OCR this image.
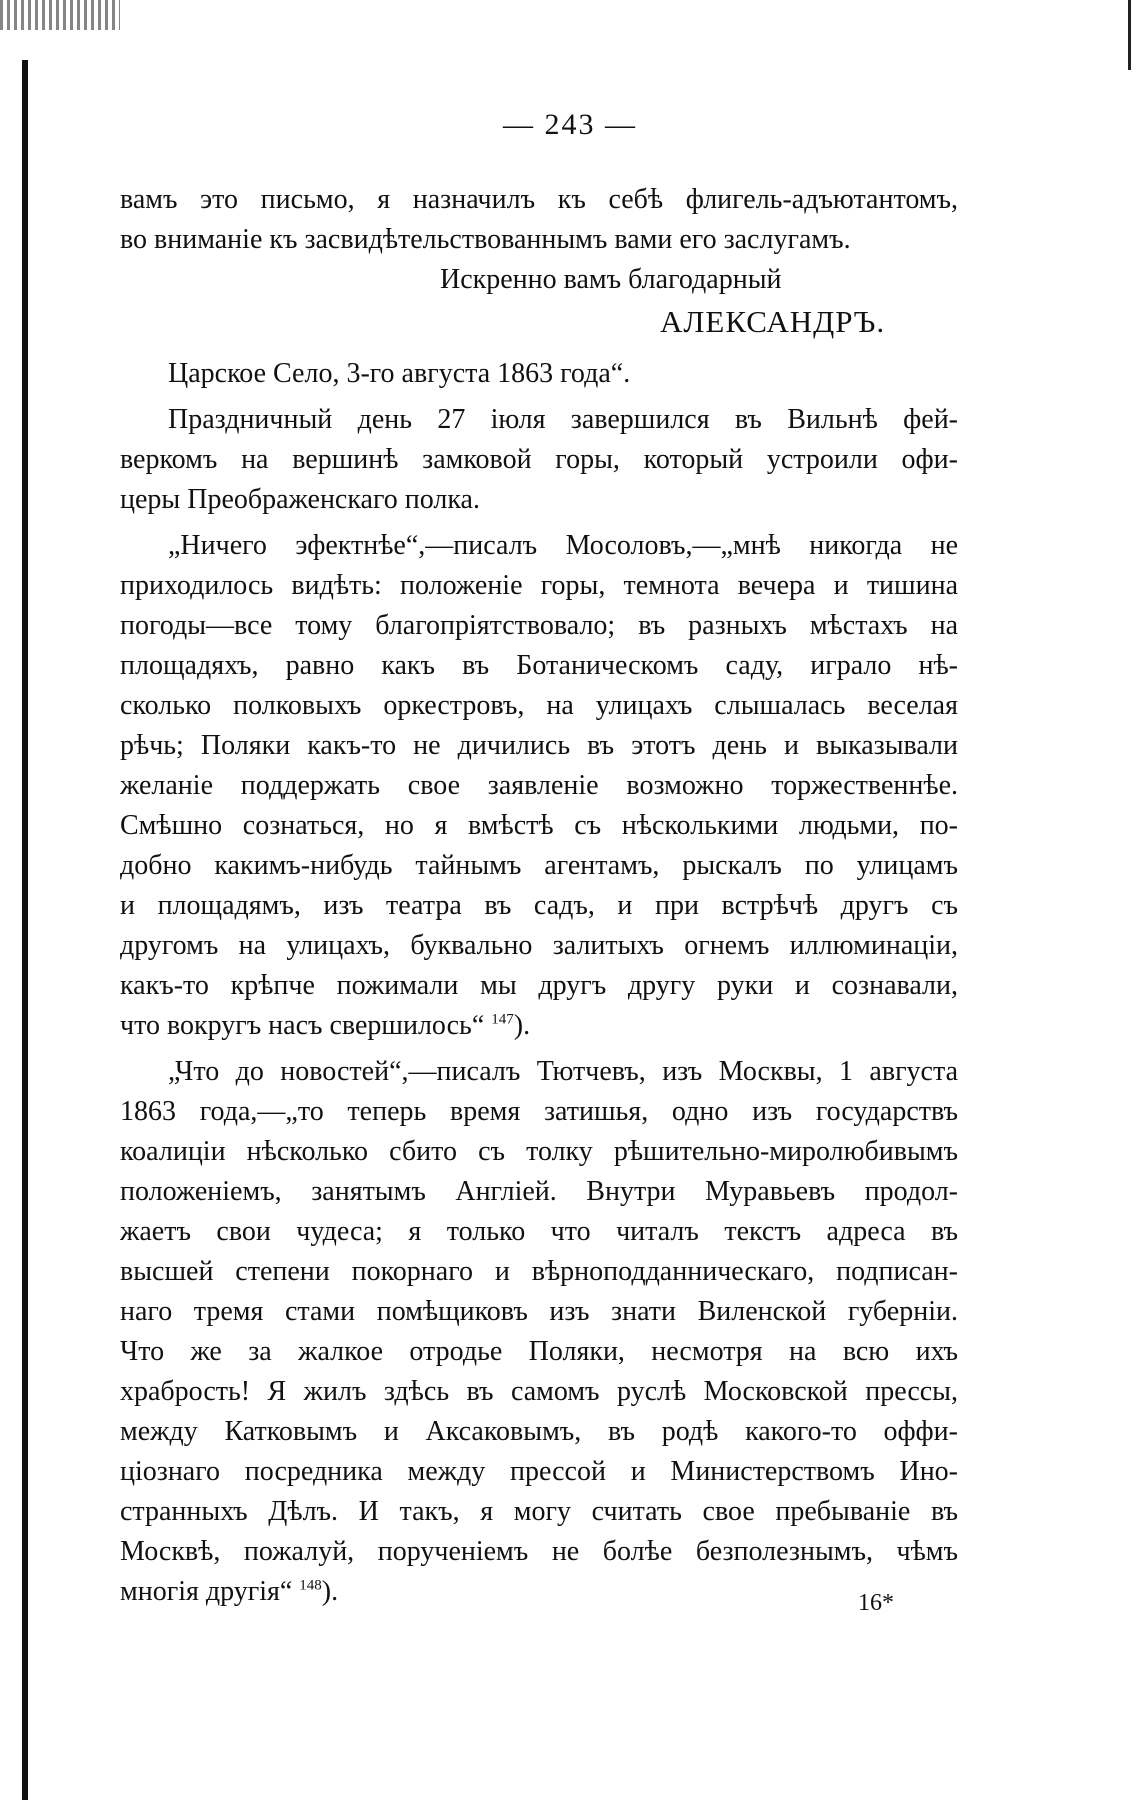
— 243 —
вамъ это письмо, я назначилъ къ себѣ флигель-адъютантомъ,
во вниманіе къ засвидѣтельствованнымъ вами его заслугамъ.
Искренно вамъ благодарный
АЛЕКСАНДРЪ.
Царское Село, 3-го августа 1863 года“.
Праздничный день 27 іюля завершился въ Вильнѣ фей-
веркомъ на вершинѣ замковой горы, который устроили офи-
церы Преображенскаго полка.
„Ничего эфектнѣе“,—писалъ Мосоловъ,—„мнѣ никогда не
приходилось видѣть: положеніе горы, темнота вечера и тишина
погоды—все тому благопріятствовало; въ разныхъ мѣстахъ на
площадяхъ, равно какъ въ Ботаническомъ саду, играло нѣ-
сколько полковыхъ оркестровъ, на улицахъ слышалась веселая
рѣчь; Поляки какъ-то не дичились въ этотъ день и выказывали
желаніе поддержать свое заявленіе возможно торжественнѣе.
Смѣшно сознаться, но я вмѣстѣ съ нѣсколькими людьми, по-
добно какимъ-нибудь тайнымъ агентамъ, рыскалъ по улицамъ
и площадямъ, изъ театра въ садъ, и при встрѣчѣ другъ съ
другомъ на улицахъ, буквально залитыхъ огнемъ иллюминаціи,
какъ-то крѣпче пожимали мы другъ другу руки и сознавали,
что вокругъ насъ свершилось“ $^{147}$).
„Что до новостей“,—писалъ Тютчевъ, изъ Москвы, 1 августа
1863 года,—„то теперь время затишья, одно изъ государствъ
коалиціи нѣсколько сбито съ толку рѣшительно-миролюбивымъ
положеніемъ, занятымъ Англіей. Внутри Муравьевъ продол-
жаетъ свои чудеса; я только что читалъ текстъ адреса въ
высшей степени покорнаго и вѣрноподданническаго, подписан-
наго тремя стами помѣщиковъ изъ знати Виленской губерніи.
Что же за жалкое отродье Поляки, несмотря на всю ихъ
храбрость! Я жилъ здѣсь въ самомъ руслѣ Московской прессы,
между Катковымъ и Аксаковымъ, въ родѣ какого-то оффи-
ціознаго посредника между прессой и Министерствомъ Ино-
странныхъ Дѣлъ. И такъ, я могу считать свое пребываніе въ
Москвѣ, пожалуй, порученіемъ не болѣе безполезнымъ, чѣмъ
многія другія“ $^{148}$).	16*
